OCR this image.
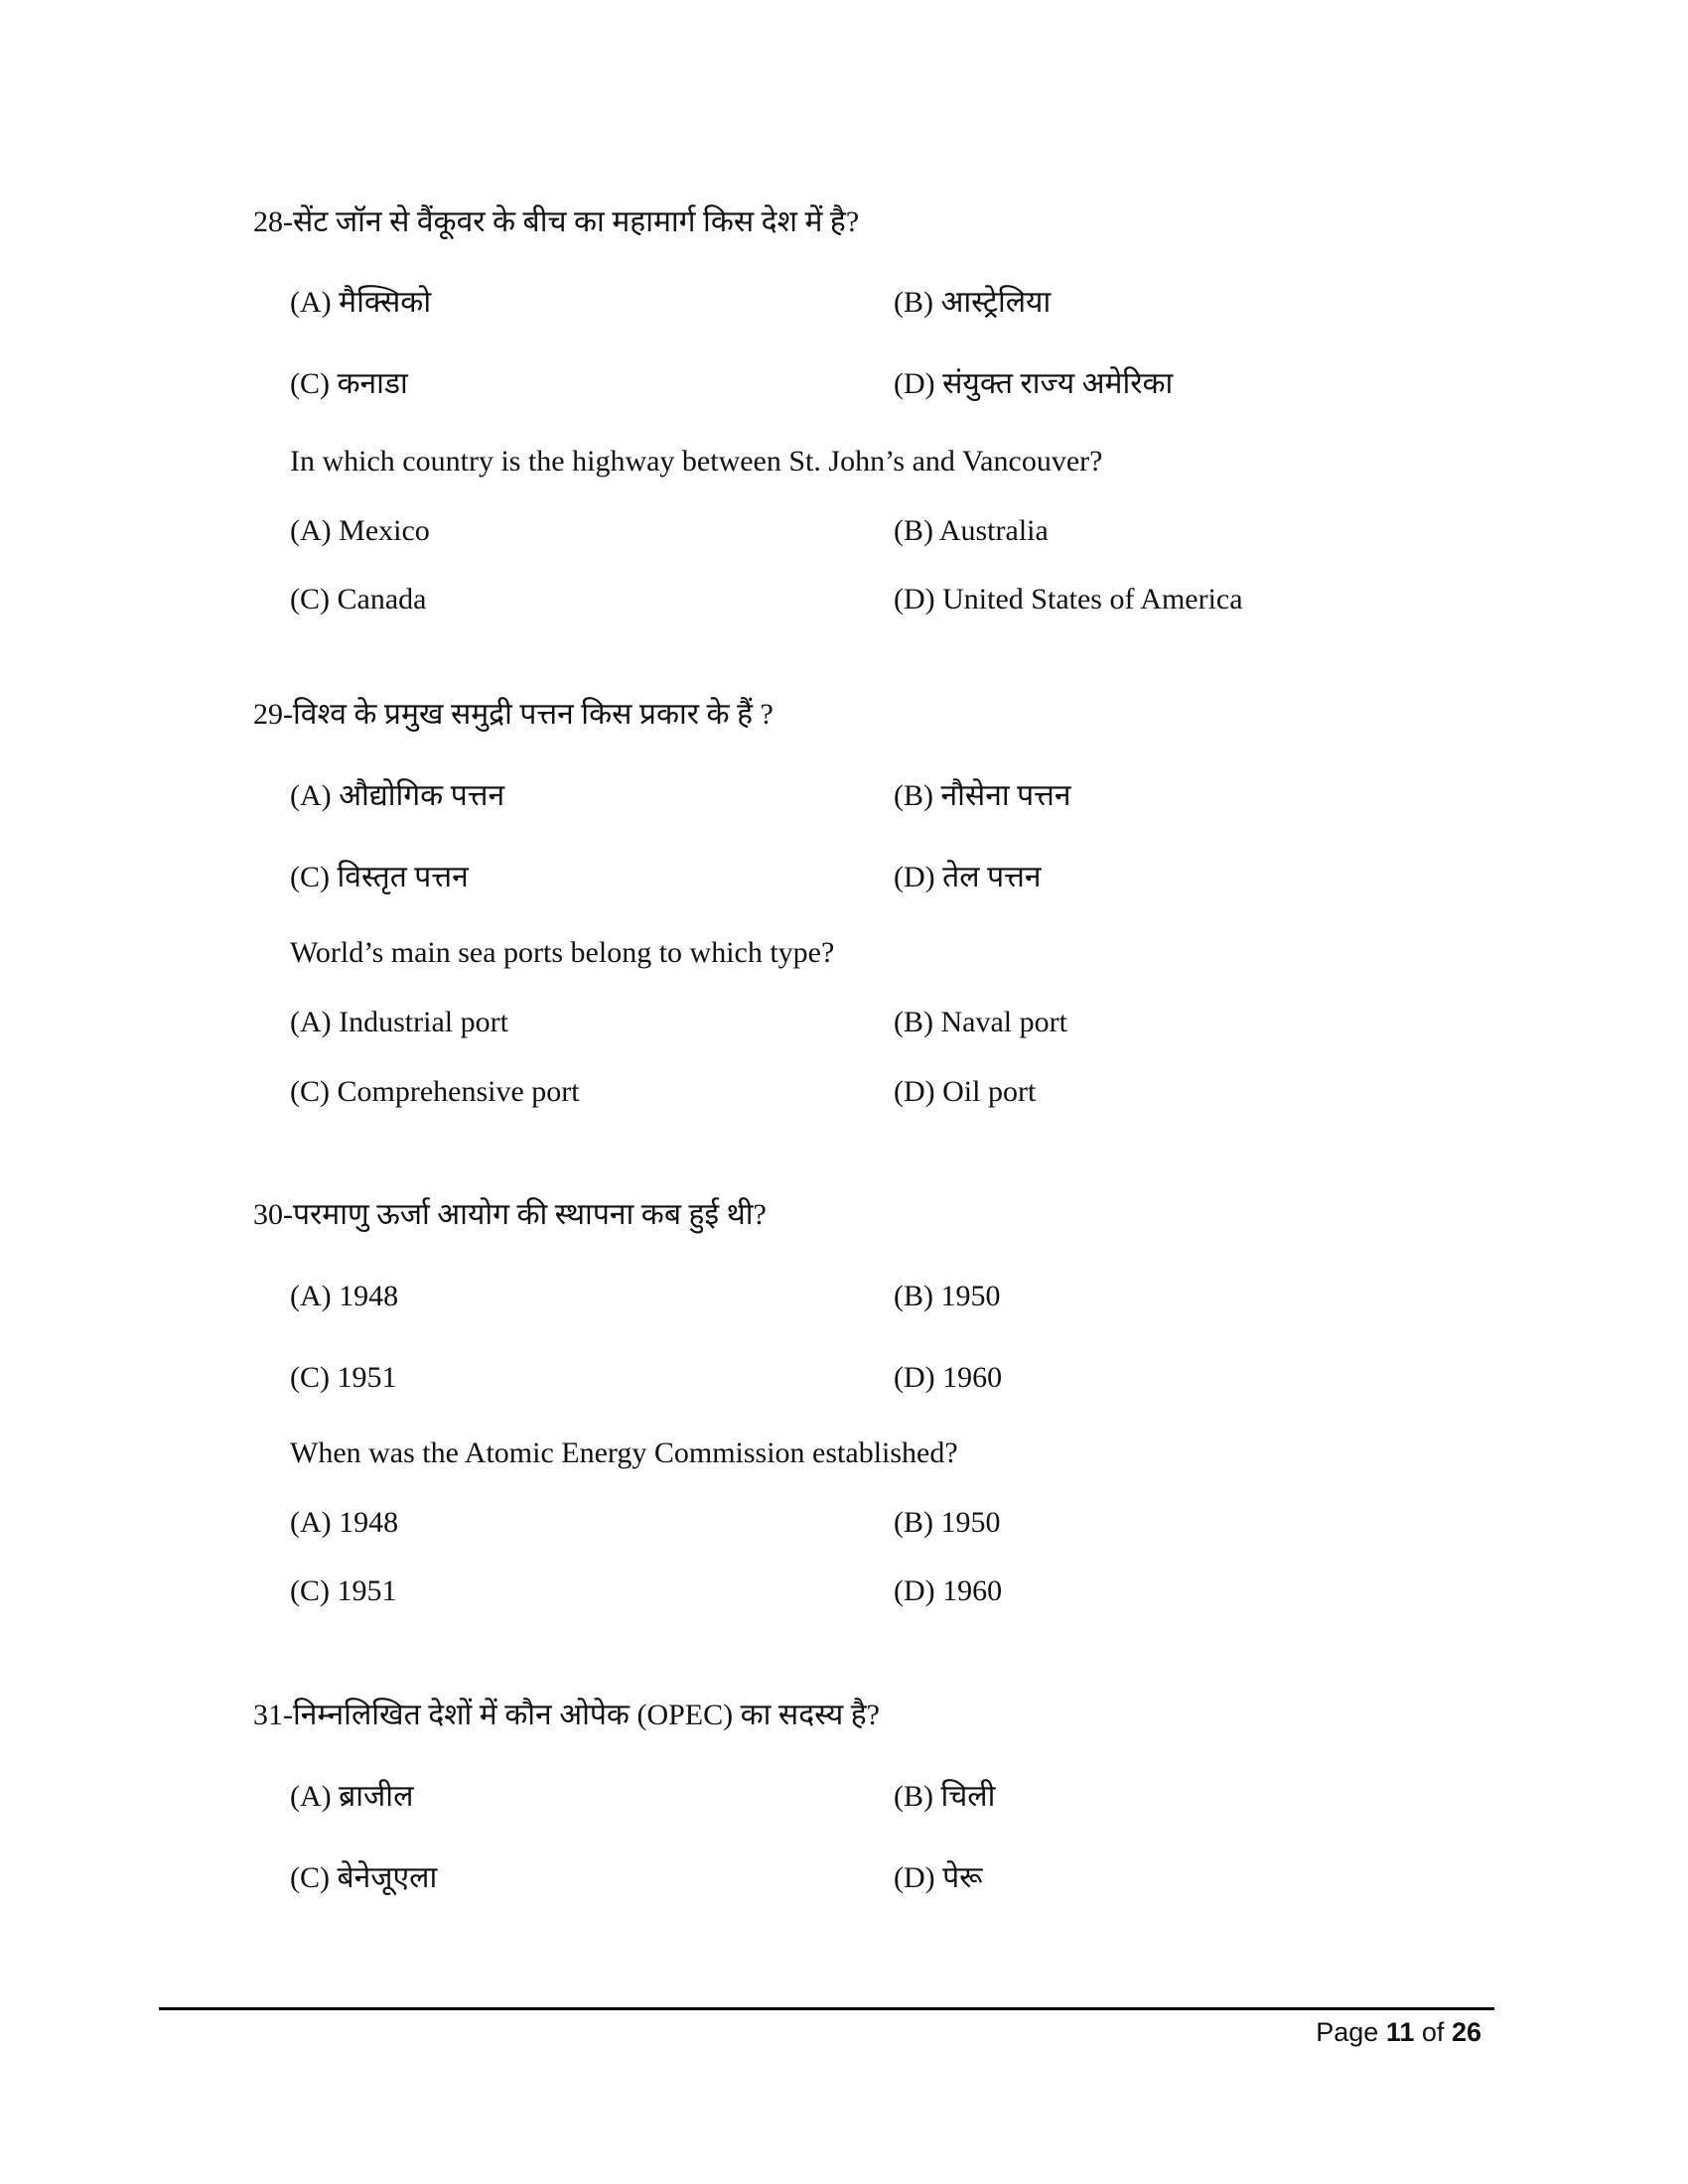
28-सेंट जॉन से वैंकूवर के बीच का महामार्ग किस देश में है?
(A) मैक्सिको	(B) आस्ट्रेलिया
(C) कनाडा	(D) संयुक्त राज्य अमेरिका
In which country is the highway between St. John’s and Vancouver?
(A) Mexico	(B) Australia
(C) Canada	(D) United States of America
29-विश्व के प्रमुख समुद्री पत्तन किस प्रकार के हैं ?
(A) औद्योगिक पत्तन	(B) नौसेना पत्तन
(C) विस्तृत पत्तन	(D) तेल पत्तन
World’s main sea ports belong to which type?
(A) Industrial port	(B) Naval port
(C) Comprehensive port	(D) Oil port
30-परमाणु ऊर्जा आयोग की स्थापना कब हुई थी?
(A) 1948	(B) 1950
(C) 1951	(D) 1960
When was the Atomic Energy Commission established?
(A) 1948	(B) 1950
(C) 1951	(D) 1960
31-निम्नलिखित देशों में कौन ओपेक (OPEC) का सदस्य है?
(A) ब्राजील	(B) चिली
(C) बेनेजूएला	(D) पेरू
Page 11 of 26
